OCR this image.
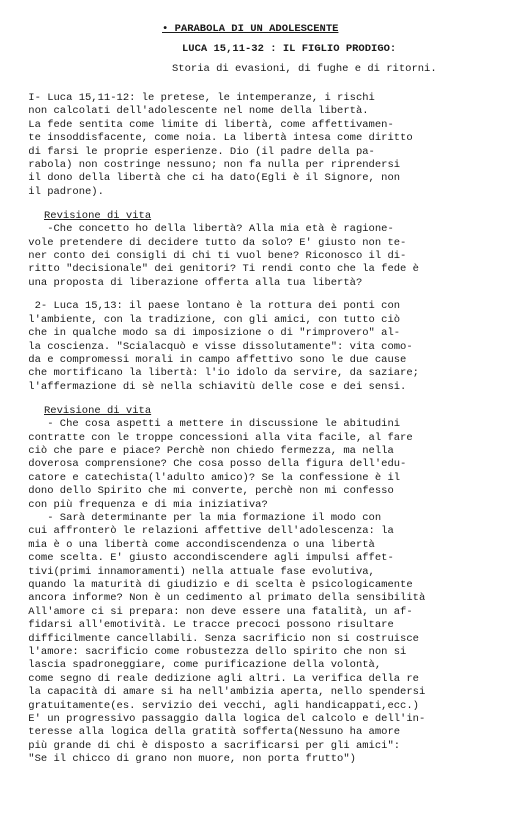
• PARABOLA DI UN ADOLESCENTE
LUCA 15,11-32 : IL FIGLIO PRODIGO:
Storia di evasioni, di fughe e di ritorni.
I- Luca 15,11-12: le pretese, le intemperanze, i rischi
non calcolati dell'adolescente nel nome della libertà.
La fede sentita come limite di libertà, come affettivamen-
te insoddisfacente, come noia. La libertà intesa come diritto
di farsi le proprie esperienze. Dio (il padre della pa-
rabola) non costringe nessuno; non fa nulla per riprendersi
il dono della libertà che ci ha dato(Egli è il Signore, non
il padrone).
Revisione di vita
-Che concetto ho della libertà? Alla mia età è ragione-
vole pretendere di decidere tutto da solo? E' giusto non te-
ner conto dei consigli di chi ti vuol bene? Riconosco il di-
ritto "decisionale" dei genitori? Ti rendi conto che la fede è
una proposta di liberazione offerta alla tua libertà?
2- Luca 15,13: il paese lontano è la rottura dei ponti con
l'ambiente, con la tradizione, con gli amici, con tutto ciò
che in qualche modo sa di imposizione o di "rimprovero" al-
la coscienza. "Scialacquò e visse dissolutamente": vita como-
da e compromessi morali in campo affettivo sono le due cause
che mortificano la libertà: l'io idolo da servire, da saziare;
l'affermazione di sè nella schiavitù delle cose e dei sensi.
Revisione di vita
- Che cosa aspetti a mettere in discussione le abitudini
contratte con le troppe concessioni alla vita facile, al fare
ciò che pare e piace? Perchè non chiedo fermezza, ma nella
doverosa comprensione? Che cosa posso della figura dell'edu-
catore e catechista(l'adulto amico)? Se la confessione è il
dono dello Spirito che mi converte, perchè non mi confesso
con più frequenza e di mia iniziativa?
- Sarà determinante per la mia formazione il modo con
cui affronterò le relazioni affettive dell'adolescenza: la
mia è o una libertà come accondiscendenza o una libertà
come scelta. E' giusto accondiscendere agli impulsi affet-
tivi(primi innamoramenti) nella attuale fase evolutiva,
quando la maturità di giudizio e di scelta è psicologicamente
ancora informe? Non è un cedimento al primato della sensibilità
All'amore ci si prepara: non deve essere una fatalità, un af-
fidarsi all'emotività. Le tracce precoci possono risultare
difficilmente cancellabili. Senza sacrificio non si costruisce
l'amore: sacrificio come robustezza dello spirito che non si
lascia spadroneggiare, come purificazione della volontà,
come segno di reale dedizione agli altri. La verifica della re
la capacità di amare si ha nell'ambizia aperta, nello spendersi
gratuitamente(es. servizio dei vecchi, agli handicappati,ecc.)
E' un progressivo passaggio dalla logica del calcolo e dell'in-
teresse alla logica della gratità sofferta(Nessuno ha amore
più grande di chi è disposto a sacrificarsi per gli amici":
"Se il chicco di grano non muore, non porta frutto")
